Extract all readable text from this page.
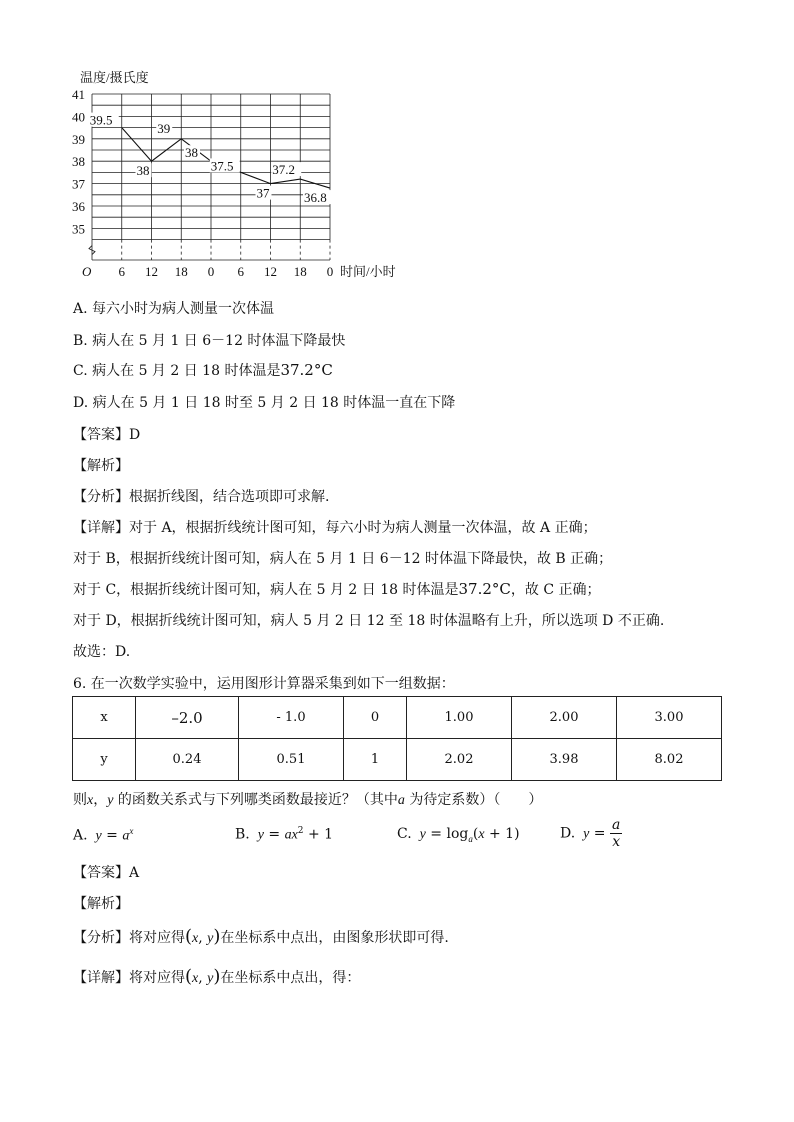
温度/摄氏度
41
40
39
38
37
36
35
6 12 18 0 6 12 18 0
39.5
38
39
38
37.5
37
37.2
36.8
O	时间/小时
A. 每六小时为病人测量一次体温
B. 病人在 5 月 1 日 6－12 时体温下降最快
C. 病人在 5 月 2 日 18 时体温是37.2°C
D. 病人在 5 月 1 日 18 时至 5 月 2 日 18 时体温一直在下降
【答案】D
【解析】
【分析】根据折线图，结合选项即可求解.
【详解】对于 A，根据折线统计图可知，每六小时为病人测量一次体温，故 A 正确；
对于 B，根据折线统计图可知，病人在 5 月 1 日 6－12 时体温下降最快，故 B 正确；
对于 C，根据折线统计图可知，病人在 5 月 2 日 18 时体温是37.2°C，故 C 正确；
对于 D，根据折线统计图可知，病人 5 月 2 日 12 至 18 时体温略有上升，所以选项 D 不正确.
故选：D.
6. 在一次数学实验中，运用图形计算器采集到如下一组数据：
x	–2.0	- 1.0	0	1.00	2.00	3.00
y	0.24	0.51	1	2.02	3.98	8.02
则x，y 的函数关系式与下列哪类函数最接近？（其中a 为待定系数）（　　）
A.  $y = a^x$	B.  $y = ax^2 + 1$	C.  $y = \log_a(x + 1)$	D.  $y = \frac{a}{x}$
【答案】A
【解析】
【分析】将对应得(x, y)在坐标系中点出，由图象形状即可得.
【详解】将对应得(x, y)在坐标系中点出，得：
